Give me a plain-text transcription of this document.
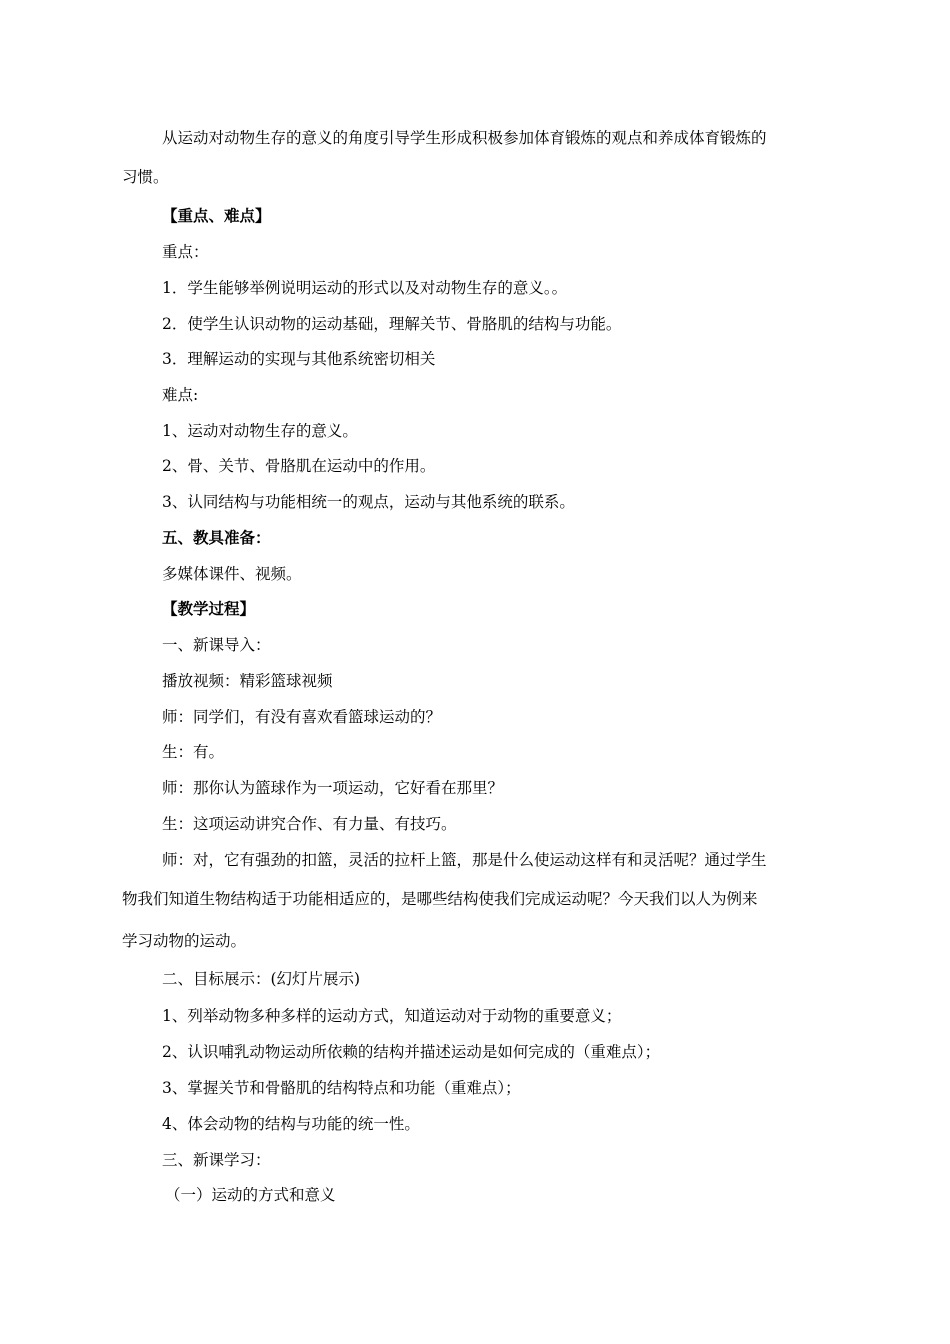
从运动对动物生存的意义的角度引导学生形成积极参加体育锻炼的观点和养成体育锻炼的
习惯。
【重点、难点】
重点：
1．学生能够举例说明运动的形式以及对动物生存的意义。。
2．使学生认识动物的运动基础，理解关节、骨胳肌的结构与功能。
3．理解运动的实现与其他系统密切相关
难点:
1、运动对动物生存的意义。
2、骨、关节、骨胳肌在运动中的作用。
3、认同结构与功能相统一的观点，运动与其他系统的联系。
五、教具准备：
多媒体课件、视频。
【教学过程】
一、新课导入：
播放视频：精彩篮球视频
师：同学们，有没有喜欢看篮球运动的？
生：有。
师：那你认为篮球作为一项运动，它好看在那里？
生：这项运动讲究合作、有力量、有技巧。
师：对，它有强劲的扣篮，灵活的拉杆上篮，那是什么使运动这样有和灵活呢？通过学生
物我们知道生物结构适于功能相适应的，是哪些结构使我们完成运动呢？今天我们以人为例来
学习动物的运动。
二、目标展示：(幻灯片展示)
1、列举动物多种多样的运动方式，知道运动对于动物的重要意义；
2、认识哺乳动物运动所依赖的结构并描述运动是如何完成的（重难点）；
3、掌握关节和骨骼肌的结构特点和功能（重难点）；
4、体会动物的结构与功能的统一性。
三、新课学习：
（一）运动的方式和意义
